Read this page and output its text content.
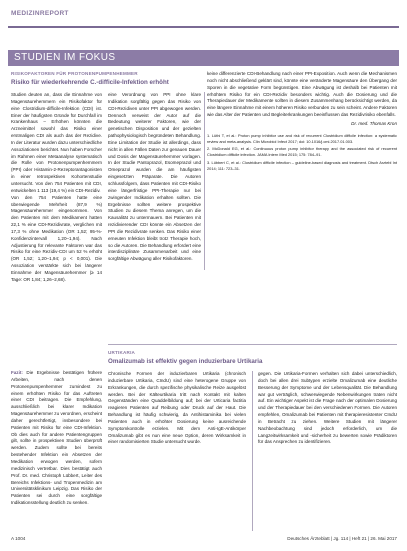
MEDIZINREPORT
STUDIEN IM FOKUS
RISIKOFAKTOREN FÜR PROTONENPUMPENHEMMER
Risiko für wiederkehrende C.-difficile-Infektion erhöht

Studien deuten an, dass die Einnahme von Magensäurehemmern ein Risikofaktor für eine Clostridium-difficile-Infektion (CDI) ist. Einer der häufigsten Gründe für Durchfall im Krankenhaus – Erhöhen könnten die Arzneimittel sowohl das Risiko einer erstmaligen CDI als auch das der Rezidive. In der Literatur wurden dazu unterschiedliche Assoziationen berichtet. Nun haben Forscher im Rahmen einer Metaanalyse systematisch die Rolle von Protonenpumpenhemmern (PPI) oder Histamin-2-Rezeptorantagonisten in einer retrospektiven Kohortenstudie untersucht. Von den 754 Patienten mit CDI, entwickelten 1 113 (19,4 %) ein CDI-Rezidiv.

Von den 754 Patienten hatte eine überwiegende Mehrheit (87,9 %) Magensäurehemmer eingenommen. Von den Patienten mit dem Medikament hatten 22,1 % eine CDI-Rezidivrate, verglichen mit 17,3 % ohne Medikation (OR 1,52; 95-%-Konfidenzintervall 1,20–1,94). Nach Adjustierung für relevante Faktoren war das Risiko für eine Rezidiv-CDI um 52 % erhöht (OR 1,52; 1,20–1,94; p < 0,001). Die Assoziation verstärkte sich bei längerer Einnahme der Magensäurehemmer (≥ 14 Tage: OR 1,84; 1,26–2,68).

Fazit: Die Ergebnisse bestätigen frühere Arbeiten, nach denen Protonenpumpenhemmer zumindest zu einem erhöhten Risiko für das Auftreten einer CDI beitragen. Die Empfehlung, ausschließlich bei klarer Indikation Magensäurehemmer zu verordnen, erscheint daher gerechtfertigt, insbesondere bei Patienten mit Risiko für eine CDI-Infektion. Ob dies auch für andere Patientengruppen gilt, sollte in prospektiven Studien überprüft werden. Zudem sollte bei bereits bestehender Infektion ein Absetzen der Medikation erwogen werden, sofern medizinisch vertretbar. Dies bestätigt auch Prof. Dr. med. Christoph Lübbert, Leiter des Bereichs Infektions- und Tropenmedizin am Universitätsklinikum Leipzig. Das Risiko der Patienten sei durch eine sorgfältige Indikationsstellung deutlich zu senken.

eine Verordnung von PPI ohne klare Indikation sorgfältig gegen das Risiko von CDI-Rezidiven unter PPI abgewogen werden. Dennoch verweist der Autor auf die Bedeutung weiterer Faktoren, wie der genetischen Disposition und der gezielten pathophysiologisch begründeten Behandlung. Eine Limitation der Studie ist allerdings, dass nicht in allen Fällen Daten zur genauen Dauer und Dosis der Magensäurehemmer vorlagen. In der Studie Pantoprazol, Esomeprazol und Omeprazol wurden die am häufigsten eingesetzten Präparate. Die Autoren schlussfolgern, dass Patienten mit CDI-Risiko eine längerfristige PPI-Therapie nur bei zwingender Indikation erhalten sollten. Die Ergebnisse sollten weitere prospektive Studien zu diesem Thema anregen, um die Kausalität zu untermauern. Bei Patienten mit rezidivierender CDI könnte ein Absetzen der PPI die Rezidivrate senken. Das Risiko einer erneuten Infektion bleibt trotz Therapie hoch, so die Autoren. Die Behandlung erfordert eine interdisziplinäre Zusammenarbeit und eine sorgfältige Abwägung aller Risikofaktoren.

keine differenzierte CDI-Behandlung nach einer PPI-Exposition. Auch wenn die Mechanismen noch nicht abschließend geklärt sind, könnte eine veränderte Magensäure den Übergang der Sporen in die vegetative Form begünstigen. Eine Abwägung ist deshalb bei Patienten mit erhöhtem Risiko für ein CDI-Rezidiv besonders wichtig. Auch die Dosierung und die Therapiedauer der Medikamente sollten in diesem Zusammenhang berücksichtigt werden, da eine längere Einnahme mit einem höheren Risiko verbunden zu sein scheint. Andere Faktoren wie das Alter der Patienten und Begleiterkrankungen beeinflussen das Rezidivrisiko ebenfalls.

Dr. med. Thomas Kron

1. Lüthi T, et al.: Proton pump inhibitor use and risk of recurrent Clostridium difficile infection: a systematic review and meta-analysis. Clin Microbiol Infect 2017; doi: 10.1016/j.cmi.2017.01.003.
2. McDonald EG, et al.: Continuous proton pump inhibitor therapy and the associated risk of recurrent Clostridium difficile infection. JAMA Intern Med 2015; 175: 784–91.
3. Lübbert C, et al.: Clostridium difficile infection – guideline-based diagnosis and treatment. Dtsch Arztebl Int 2014; 111: 723–31.
URTIKARIA
Omalizumab ist effektiv gegen induzierbare Urtikaria

Chronische Formen der induzierbaren Urtikaria (chronisch induzierbare Urtikaria, CIndU) sind eine heterogene Gruppe von Erkrankungen, die durch spezifische physikalische Reize ausgelöst werden. Bei der Kälteurtikaria tritt nach Kontakt mit kalten Gegenständen eine Quaddelbildung auf; bei der Urticaria factitia reagieren Patienten auf Reibung oder Druck auf der Haut. Die Behandlung ist häufig schwierig, da Antihistaminika bei vielen Patienten auch in erhöhter Dosierung keine ausreichende Symptomkontrolle erzielen. Mit dem Anti-IgE-Antikörper Omalizumab gibt es nun eine neue Option, deren Wirksamkeit in einer randomisierten Studie untersucht wurde.

gegen. Die Urtikaria-Formen verhalten sich dabei unterschiedlich, doch bei allen drei Subtypen erzielte Omalizumab eine deutliche Besserung der Symptome und der Lebensqualität. Die Behandlung war gut verträglich, schwerwiegende Nebenwirkungen traten nicht auf. Ein wichtiger Aspekt ist die Frage nach der optimalen Dosierung und der Therapiedauer bei den verschiedenen Formen. Die Autoren empfehlen, Omalizumab bei Patienten mit therapieresistenter CIndU in Betracht zu ziehen. Weitere Studien mit längerer Nachbeobachtung sind jedoch erforderlich, um die Langzeitwirksamkeit und -sicherheit zu bewerten sowie Prädiktoren für das Ansprechen zu identifizieren.

A 1004	Deutsches Ärzteblatt | Jg. 114 | Heft 21 | 26. Mai 2017
